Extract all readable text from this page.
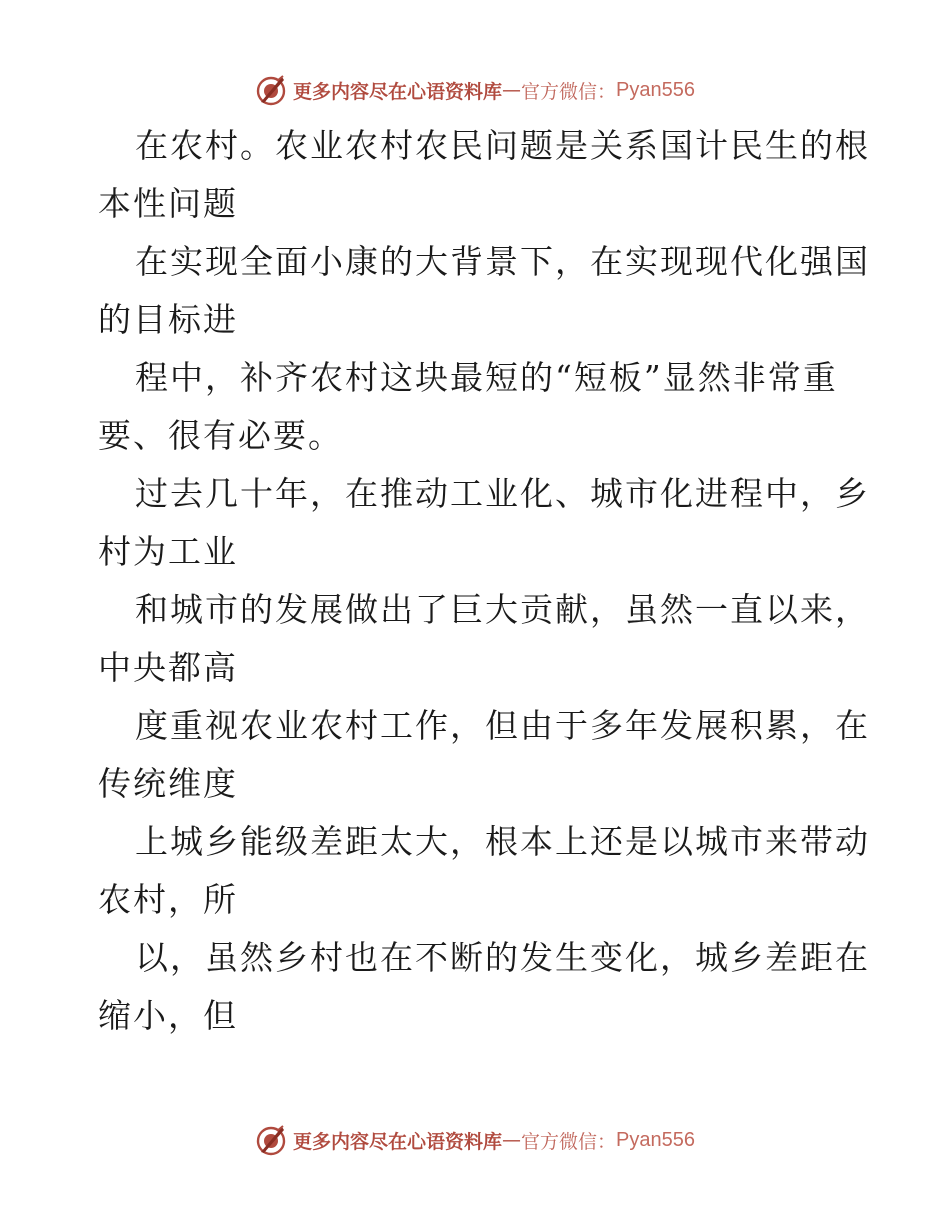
更多内容尽在心语资料库 — 官方微信： Pyan556

在农村。农业农村农民问题是关系国计民生的根
本性问题

在实现全面小康的大背景下，在实现现代化强国
的目标进

程中，补齐农村这块最短的“短板”显然非常重
要、很有必要。

过去几十年，在推动工业化、城市化进程中，乡
村为工业

和城市的发展做出了巨大贡献，虽然一直以来，
中央都高

度重视农业农村工作，但由于多年发展积累，在
传统维度

上城乡能级差距太大，根本上还是以城市来带动
农村，所

以，虽然乡村也在不断的发生变化，城乡差距在
缩小，但

更多内容尽在心语资料库 — 官方微信： Pyan556
